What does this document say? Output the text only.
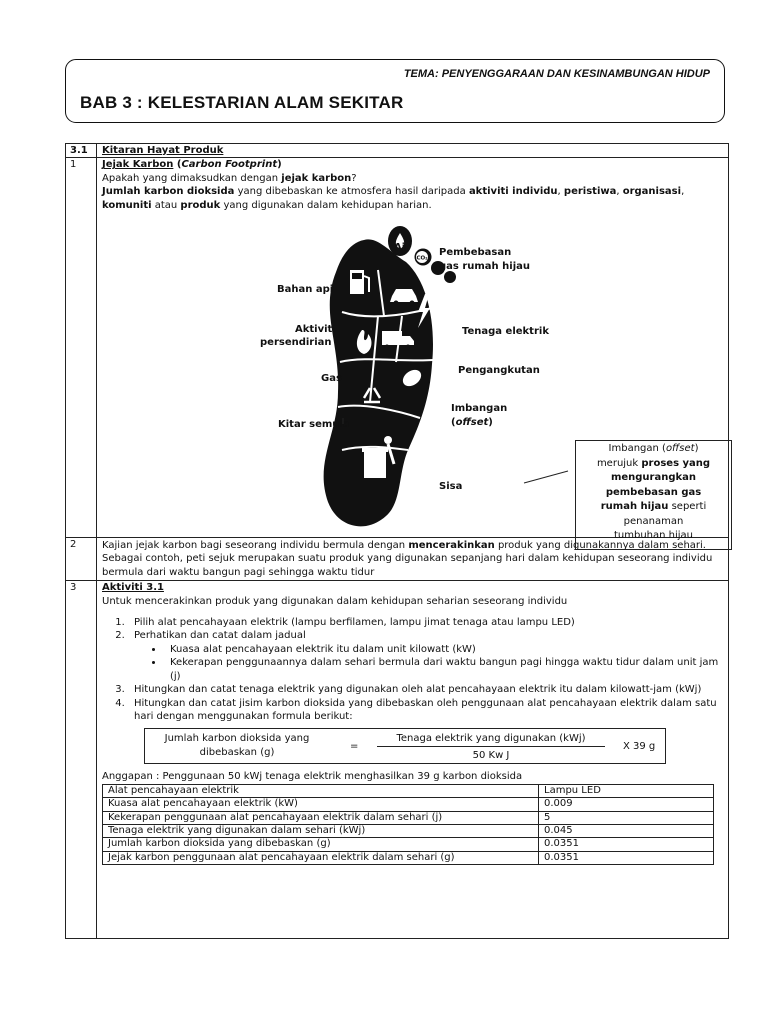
TEMA: PENYENGGARAAN DAN KESINAMBUNGAN HIDUP
BAB 3 : KELESTARIAN ALAM SEKITAR
3.1	Kitaran Hayat Produk
1	Jejak Karbon (Carbon Footprint)
Apakah yang dimaksudkan dengan jejak karbon?
Jumlah karbon dioksida yang dibebaskan ke atmosfera hasil daripada aktiviti individu, peristiwa, organisasi, komuniti atau produk yang digunakan dalam kehidupan harian.
CO₂
Air	Pembebasan
gas rumah hijau
Bahan api
Aktiviti
persendirian
Tenaga elektrik
Pengangkutan
Gas
Imbangan
(offset)
Kitar semula
Sisa
Imbangan (offset)
merujuk proses yang
mengurangkan
pembebasan gas
rumah hijau seperti
penanaman
tumbuhan hijau

2	Kajian jejak karbon bagi seseorang individu bermula dengan mencerakinkan produk yang digunakannya dalam sehari. Sebagai contoh, peti sejuk merupakan suatu produk yang digunakan sepanjang hari dalam kehidupan seseorang individu bermula dari waktu bangun pagi sehingga waktu tidur
3	Aktiviti 3.1
Untuk mencerakinkan produk yang digunakan dalam kehidupan seharian seseorang individu
1. Pilih alat pencahayaan elektrik (lampu berfilamen, lampu jimat tenaga atau lampu LED)
2. Perhatikan dan catat dalam jadual
• Kuasa alat pencahayaan elektrik itu dalam unit kilowatt (kW)
• Kekerapan penggunaannya dalam sehari bermula dari waktu bangun pagi hingga waktu tidur dalam unit jam (j)
3. Hitungkan dan catat tenaga elektrik yang digunakan oleh alat pencahayaan elektrik itu dalam kilowatt-jam (kWj)
4. Hitungkan dan catat jisim karbon dioksida yang dibebaskan oleh penggunaan alat pencahayaan elektrik dalam satu hari dengan menggunakan formula berikut:
Jumlah karbon dioksida yang
dibebaskan (g)
=
Tenaga elektrik yang digunakan (kWj)
50 Kw J
X 39 g
Anggapan : Penggunaan 50 kWj tenaga elektrik menghasilkan 39 g karbon dioksida
Alat pencahayaan elektrik	Lampu LED
Kuasa alat pencahayaan elektrik (kW)	0.009
Kekerapan penggunaan alat pencahayaan elektrik dalam sehari (j)	5
Tenaga elektrik yang digunakan dalam sehari (kWj)	0.045
Jumlah karbon dioksida yang dibebaskan (g)	0.0351
Jejak karbon penggunaan alat pencahayaan elektrik dalam sehari (g)	0.0351
